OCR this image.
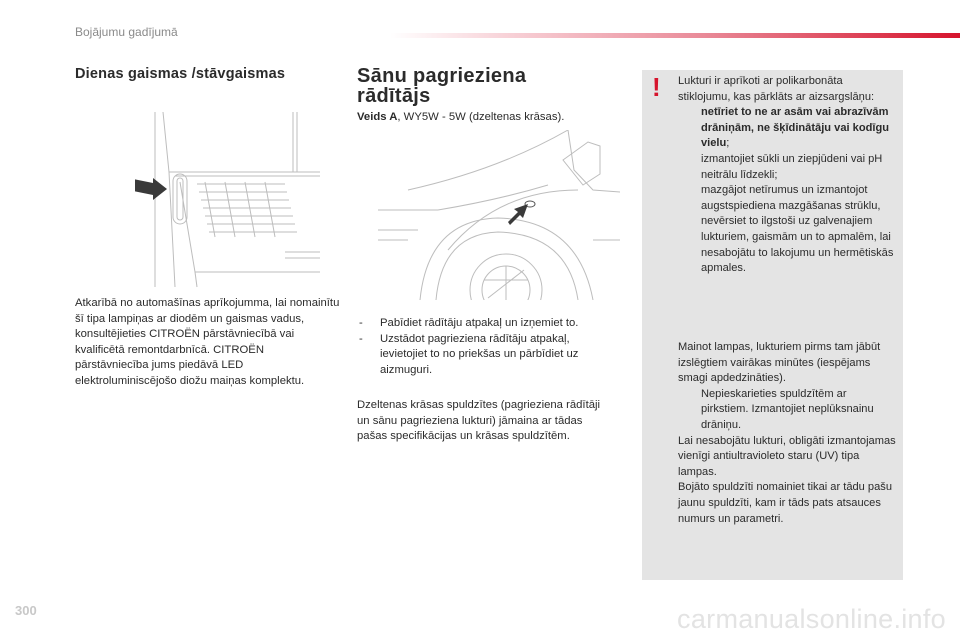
Bojājumu gadījumā
Dienas gaismas /stāvgaismas
Atkarībā no automašīnas aprīkojumma, lai nomainītu šī tipa lampiņas ar diodēm un gaismas vadus, konsultējieties CITROËN pārstāvniecībā vai kvalificētā remontdarbnīcā. CITROËN pārstāvniecība jums piedāvā LED elektroluminiscējošo diožu maiņas komplektu.
Sānu pagrieziena
rādītājs
Veids A, WY5W - 5W (dzeltenas krāsas).
- Pabīdiet rādītāju atpakaļ un izņemiet to.
- Uzstādot pagrieziena rādītāju atpakaļ, ievietojiet to no priekšas un pārbīdiet uz aizmuguri.
Dzeltenas krāsas spuldzītes (pagrieziena rādītāji un sānu pagrieziena lukturi) jāmaina ar tādas pašas specifikācijas un krāsas spuldzītēm.
! Lukturi ir aprīkoti ar polikarbonāta stiklojumu, kas pārklāts ar aizsargslāņu:
netīriet to ne ar asām vai abrazīvām drāniņām, ne šķīdinātāju vai kodīgu vielu;
izmantojiet sūkli un ziepjūdeni vai pH neitrālu līdzekli;
mazgājot netīrumus un izmantojot augstspiediena mazgāšanas strūklu, nevērsiet to ilgstoši uz galvenajiem lukturiem, gaismām un to apmalēm, lai nesabojātu to lakojumu un hermētiskās apmales.
Mainot lampas, lukturiem pirms tam jābūt izslēgtiem vairākas minūtes (iespējams smagi apdedzināties).
Nepieskarieties spuldzītēm ar pirkstiem. Izmantojiet neplūksnainu drāniņu.
Lai nesabojātu lukturi, obligāti izmantojamas vienīgi antiultravioleto staru (UV) tipa lampas.
Bojāto spuldzīti nomainiet tikai ar tādu pašu jaunu spuldzīti, kam ir tāds pats atsauces numurs un parametri.
300	carmanualsonline.info
